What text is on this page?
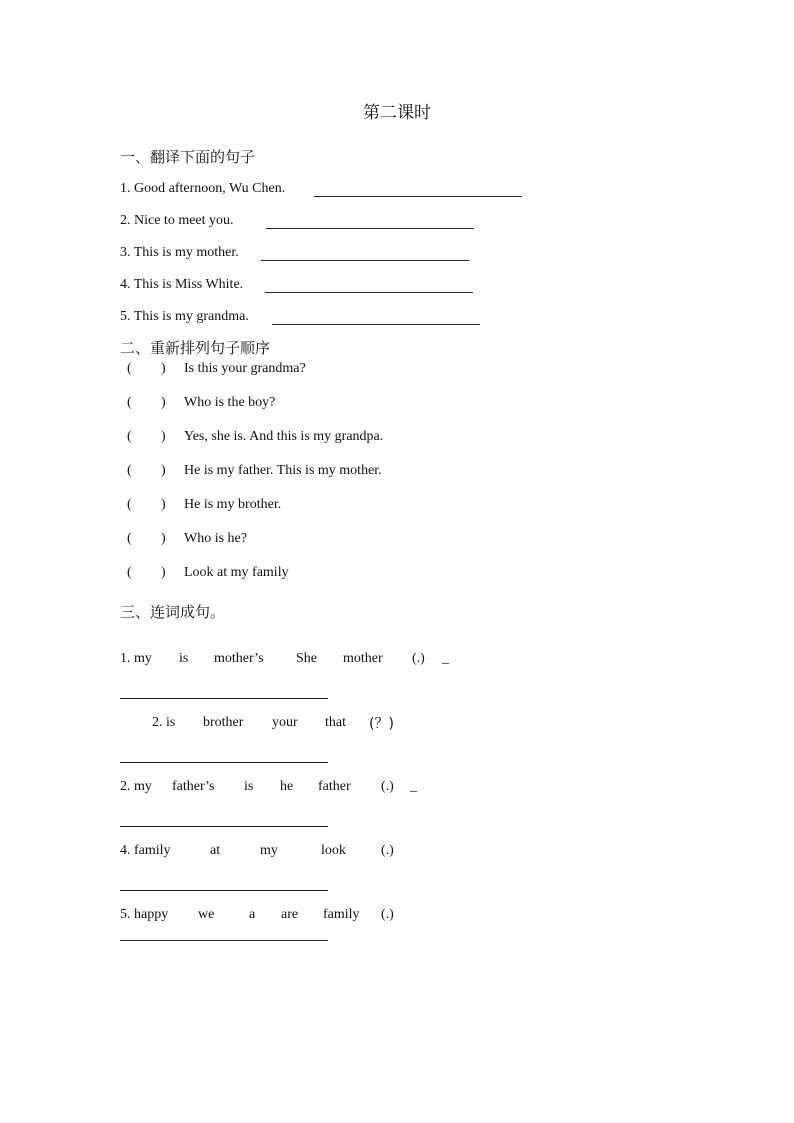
第二课时
一、翻译下面的句子
1. Good afternoon, Wu Chen.
2. Nice to meet you.
3. This is my mother.
4. This is Miss White.
5. This is my grandma.
二、重新排列句子顺序
( ) Is this your grandma?
( ) Who is the boy?
( ) Yes, she is. And this is my grandpa.
( ) He is my father. This is my mother.
( ) He is my brother.
( ) Who is he?
( ) Look at my family
三、连词成句。
1. my is mother’s She mother (.) _
2. is brother your that (？)
2. my father’s is he father (.) _
4. family	at	my	look	(.)
5. happy we a are family (.)
